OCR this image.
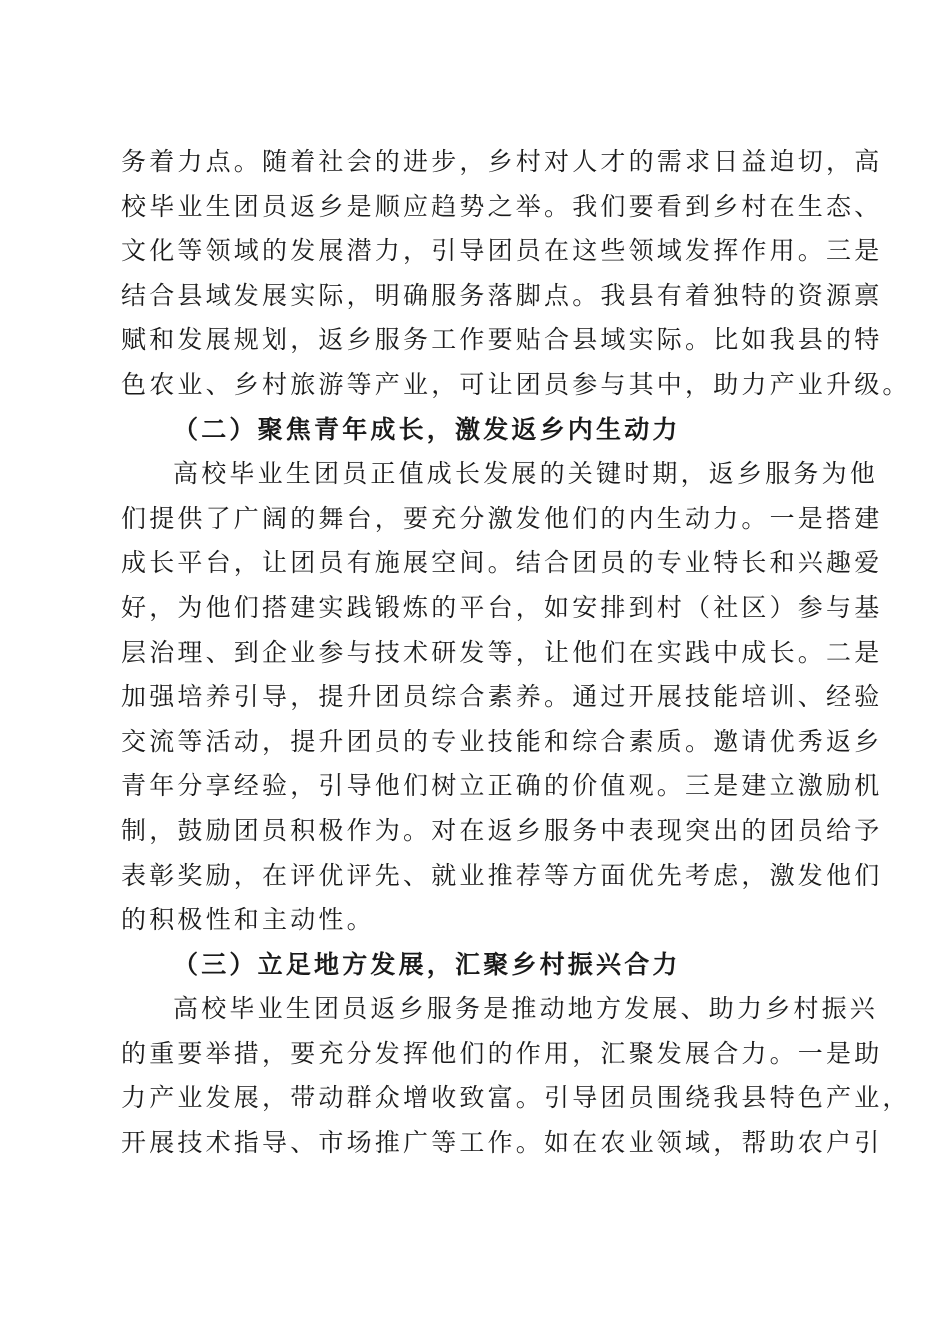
务着力点。随着社会的进步，乡村对人才的需求日益迫切，高
校毕业生团员返乡是顺应趋势之举。我们要看到乡村在生态、
文化等领域的发展潜力，引导团员在这些领域发挥作用。三是
结合县域发展实际，明确服务落脚点。我县有着独特的资源禀
赋和发展规划，返乡服务工作要贴合县域实际。比如我县的特
色农业、乡村旅游等产业，可让团员参与其中，助力产业升级。
（二）聚焦青年成长，激发返乡内生动力
高校毕业生团员正值成长发展的关键时期，返乡服务为他
们提供了广阔的舞台，要充分激发他们的内生动力。一是搭建
成长平台，让团员有施展空间。结合团员的专业特长和兴趣爱
好，为他们搭建实践锻炼的平台，如安排到村（社区）参与基
层治理、到企业参与技术研发等，让他们在实践中成长。二是
加强培养引导，提升团员综合素养。通过开展技能培训、经验
交流等活动，提升团员的专业技能和综合素质。邀请优秀返乡
青年分享经验，引导他们树立正确的价值观。三是建立激励机
制，鼓励团员积极作为。对在返乡服务中表现突出的团员给予
表彰奖励，在评优评先、就业推荐等方面优先考虑，激发他们
的积极性和主动性。
（三）立足地方发展，汇聚乡村振兴合力
高校毕业生团员返乡服务是推动地方发展、助力乡村振兴
的重要举措，要充分发挥他们的作用，汇聚发展合力。一是助
力产业发展，带动群众增收致富。引导团员围绕我县特色产业，
开展技术指导、市场推广等工作。如在农业领域，帮助农户引
